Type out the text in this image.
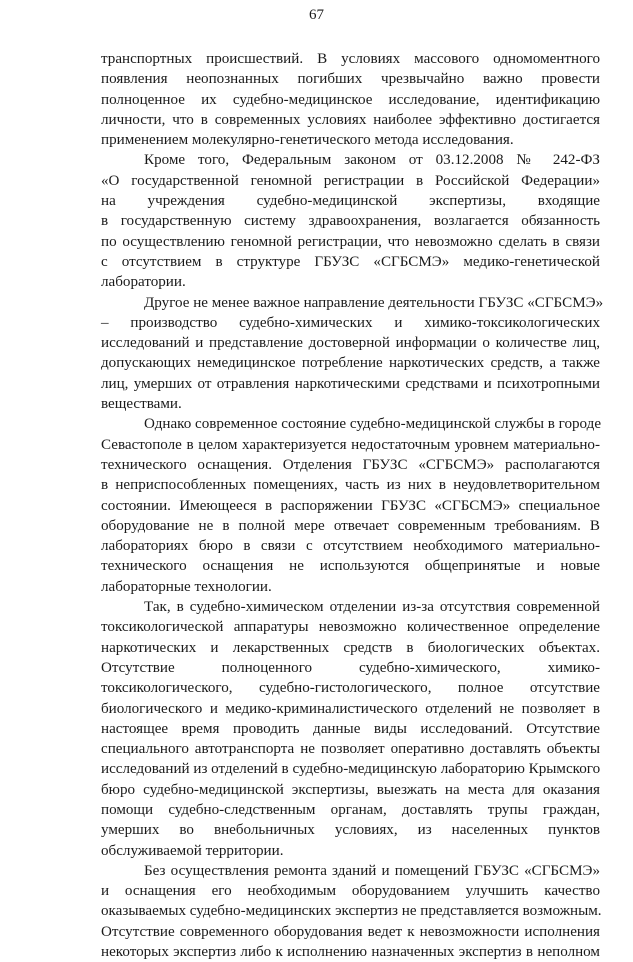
67
транспортных происшествий. В условиях массового одномоментного
появления неопознанных погибших чрезвычайно важно провести
полноценное их судебно-медицинское исследование, идентификацию
личности, что в современных условиях наиболее эффективно достигается
применением молекулярно-генетического метода исследования.
Кроме того, Федеральным законом от 03.12.2008 № 242-ФЗ
«О государственной геномной регистрации в Российской Федерации»
на учреждения судебно-медицинской экспертизы, входящие
в государственную систему здравоохранения, возлагается обязанность
по осуществлению геномной регистрации, что невозможно сделать в связи
с отсутствием в структуре ГБУЗС «СГБСМЭ» медико-генетической
лаборатории.
Другое не менее важное направление деятельности ГБУЗС «СГБСМЭ»
– производство судебно-химических и химико-токсикологических
исследований и представление достоверной информации о количестве лиц,
допускающих немедицинское потребление наркотических средств, а также
лиц, умерших от отравления наркотическими средствами и психотропными
веществами.
Однако современное состояние судебно-медицинской службы в городе
Севастополе в целом характеризуется недостаточным уровнем материально-
технического оснащения. Отделения ГБУЗС «СГБСМЭ» располагаются
в неприспособленных помещениях, часть из них в неудовлетворительном
состоянии. Имеющееся в распоряжении ГБУЗС «СГБСМЭ» специальное
оборудование не в полной мере отвечает современным требованиям. В
лабораториях бюро в связи с отсутствием необходимого материально-
технического оснащения не используются общепринятые и новые
лабораторные технологии.
Так, в судебно-химическом отделении из-за отсутствия современной
токсикологической аппаратуры невозможно количественное определение
наркотических и лекарственных средств в биологических объектах.
Отсутствие полноценного судебно-химического, химико-
токсикологического, судебно-гистологического, полное отсутствие
биологического и медико-криминалистического отделений не позволяет в
настоящее время проводить данные виды исследований. Отсутствие
специального автотранспорта не позволяет оперативно доставлять объекты
исследований из отделений в судебно-медицинскую лабораторию Крымского
бюро судебно-медицинской экспертизы, выезжать на места для оказания
помощи судебно-следственным органам, доставлять трупы граждан,
умерших во внебольничных условиях, из населенных пунктов
обслуживаемой территории.
Без осуществления ремонта зданий и помещений ГБУЗС «СГБСМЭ»
и оснащения его необходимым оборудованием улучшить качество
оказываемых судебно-медицинских экспертиз не представляется возможным.
Отсутствие современного оборудования ведет к невозможности исполнения
некоторых экспертиз либо к исполнению назначенных экспертиз в неполном
